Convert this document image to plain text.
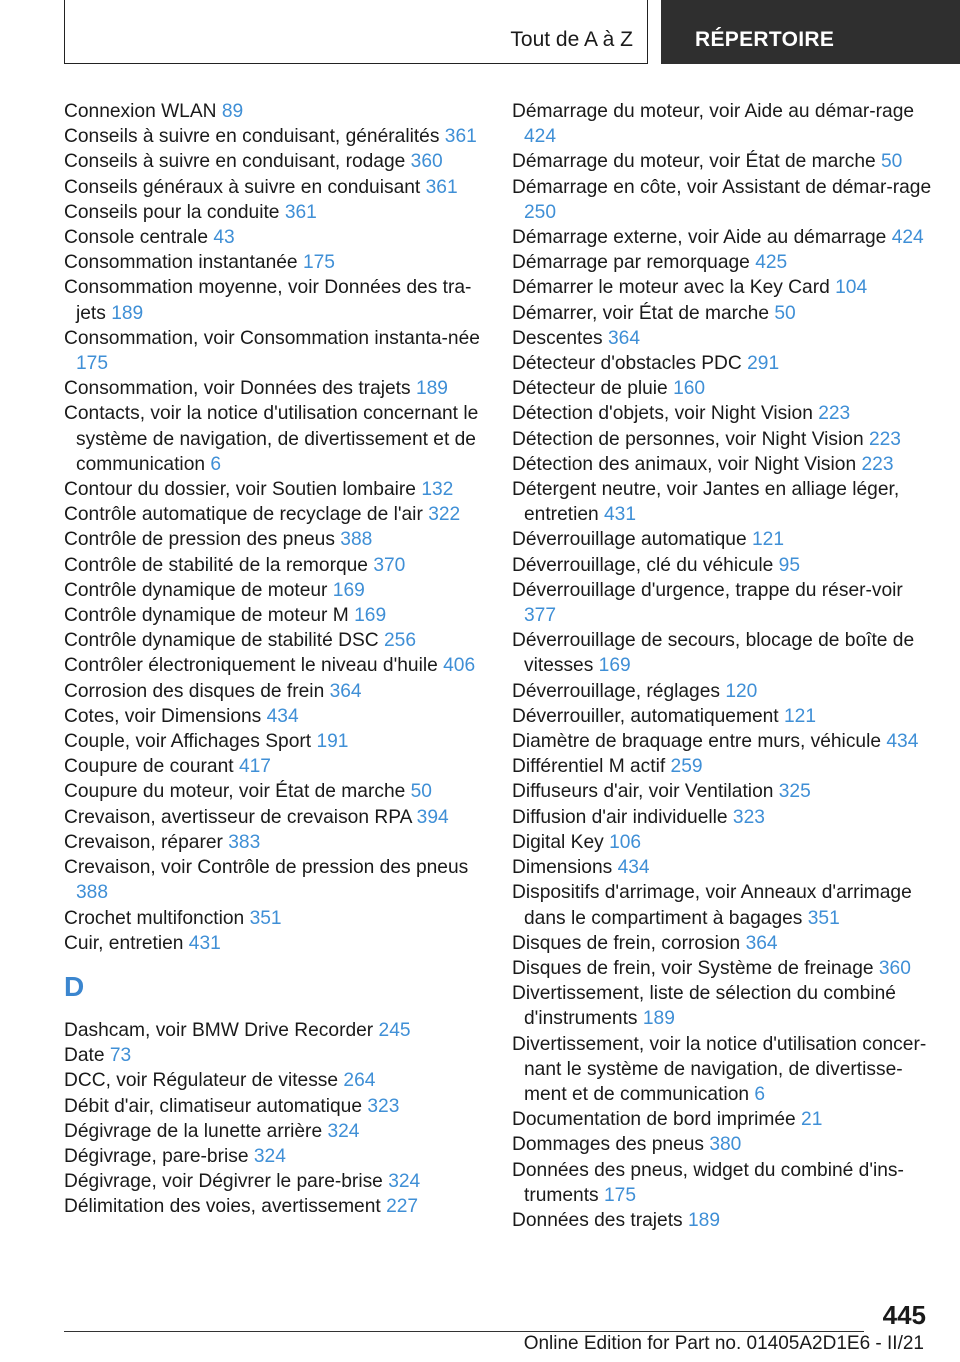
Tout de A à Z	RÉPERTOIRE

Connexion WLAN 89

Conseils à suivre en conduisant, généralités 361

Conseils à suivre en conduisant, rodage 360

Conseils généraux à suivre en conduisant 361

Conseils pour la conduite 361

Console centrale 43

Consommation instantanée 175

Consommation moyenne, voir Données des tra‐jets 189

Consommation, voir Consommation instanta‐née 175

Consommation, voir Données des trajets 189

Contacts, voir la notice d'utilisation concernant le système de navigation, de divertissement et de communication 6

Contour du dossier, voir Soutien lombaire 132

Contrôle automatique de recyclage de l'air 322

Contrôle de pression des pneus 388

Contrôle de stabilité de la remorque 370

Contrôle dynamique de moteur 169

Contrôle dynamique de moteur M 169

Contrôle dynamique de stabilité DSC 256

Contrôler électroniquement le niveau d'huile 406

Corrosion des disques de frein 364

Cotes, voir Dimensions 434

Couple, voir Affichages Sport 191

Coupure de courant 417

Coupure du moteur, voir État de marche 50

Crevaison, avertisseur de crevaison RPA 394

Crevaison, réparer 383

Crevaison, voir Contrôle de pression des pneus 388

Crochet multifonction 351

Cuir, entretien 431

D

Dashcam, voir BMW Drive Recorder 245

Date 73

DCC, voir Régulateur de vitesse 264

Débit d'air, climatiseur automatique 323

Dégivrage de la lunette arrière 324

Dégivrage, pare-brise 324

Dégivrage, voir Dégivrer le pare-brise 324

Délimitation des voies, avertissement 227

Démarrage du moteur, voir Aide au démar‐rage 424

Démarrage du moteur, voir État de marche 50

Démarrage en côte, voir Assistant de démar‐rage 250

Démarrage externe, voir Aide au démarrage 424

Démarrage par remorquage 425

Démarrer le moteur avec la Key Card 104

Démarrer, voir État de marche 50

Descentes 364

Détecteur d'obstacles PDC 291

Détecteur de pluie 160

Détection d'objets, voir Night Vision 223

Détection de personnes, voir Night Vision 223

Détection des animaux, voir Night Vision 223

Détergent neutre, voir Jantes en alliage léger, entretien 431

Déverrouillage automatique 121

Déverrouillage, clé du véhicule 95

Déverrouillage d'urgence, trappe du réser‐voir 377

Déverrouillage de secours, blocage de boîte de vitesses 169

Déverrouillage, réglages 120

Déverrouiller, automatiquement 121

Diamètre de braquage entre murs, véhicule 434

Différentiel M actif 259

Diffuseurs d'air, voir Ventilation 325

Diffusion d'air individuelle 323

Digital Key 106

Dimensions 434

Dispositifs d'arrimage, voir Anneaux d'arrimage dans le compartiment à bagages 351

Disques de frein, corrosion 364

Disques de frein, voir Système de freinage 360

Divertissement, liste de sélection du combiné d'instruments 189

Divertissement, voir la notice d'utilisation concer‐nant le système de navigation, de divertisse‐ment et de communication 6

Documentation de bord imprimée 21

Dommages des pneus 380

Données des pneus, widget du combiné d'ins‐truments 175

Données des trajets 189

445
Online Edition for Part no. 01405A2D1E6 - II/21
